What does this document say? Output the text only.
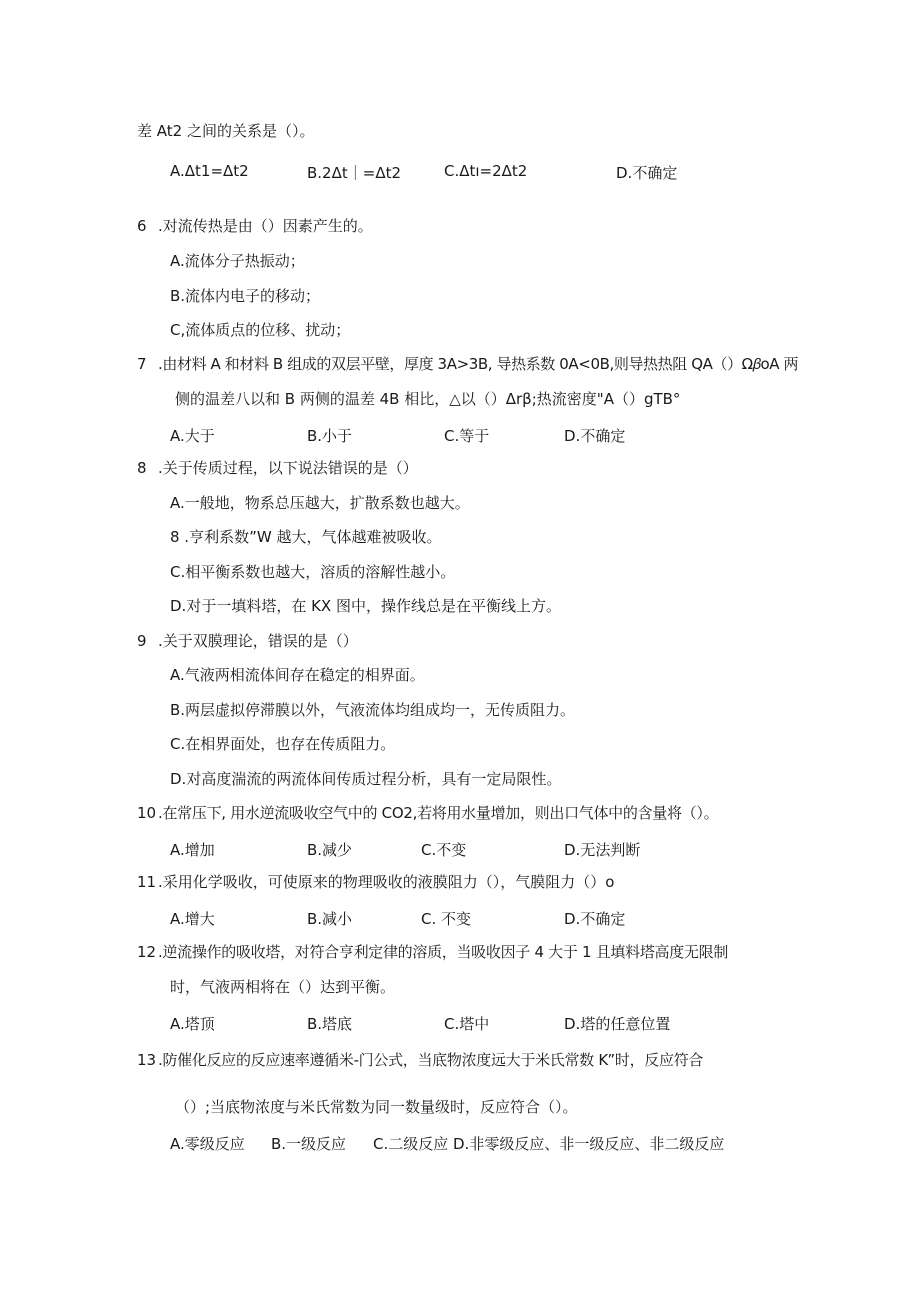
差 At2 之间的关系是（）。
A.Δt1=Δt2	B.2Δt｜=Δt2	C.Δtı=2Δt2	D.不确定
6 .对流传热是由（）因素产生的。
A.流体分子热振动；
B.流体内电子的移动；
C,流体质点的位移、扰动；
7 .由材料 A 和材料 B 组成的双层平壁，厚度 3A>3B, 导热系数 0A<0B,则导热热阻 QA（）Ω𝛽oA 两
侧的温差八以和 B 两侧的温差 4B 相比，△以（）Δrβ;热流密度"A（）gTB°
A.大于	B.小于	C.等于	D.不确定
8 .关于传质过程，以下说法错误的是（）
A.一般地，物系总压越大，扩散系数也越大。
8 .亨利系数”W 越大，气体越难被吸收。
C.相平衡系数也越大，溶质的溶解性越小。
D.对于一填料塔，在 KX 图中，操作线总是在平衡线上方。
9 .关于双膜理论，错误的是（）
A.气液两相流体间存在稳定的相界面。
B.两层虚拟停滞膜以外，气液流体均组成均一，无传质阻力。
C.在相界面处，也存在传质阻力。
D.对高度湍流的两流体间传质过程分析，具有一定局限性。
10 .在常压下, 用水逆流吸收空气中的 CO2,若将用水量增加，则出口气体中的含量将（）。
A.增加	B.减少	C.不变	D.无法判断
11 .采用化学吸收，可使原来的物理吸收的液膜阻力（），气膜阻力（）o
A.增大	B.减小	C. 不变	D.不确定
12 .逆流操作的吸收塔，对符合亨利定律的溶质，当吸收因子 4 大于 1 且填料塔高度无限制
时，气液两相将在（）达到平衡。
A.塔顶	B.塔底	C.塔中	D.塔的任意位置
13 .防催化反应的反应速率遵循米-门公式，当底物浓度远大于米氏常数 K”时，反应符合
（）;当底物浓度与米氏常数为同一数量级时，反应符合（）。
A.零级反应 B.一级反应 C.二级反应 D.非零级反应、非一级反应、非二级反应
